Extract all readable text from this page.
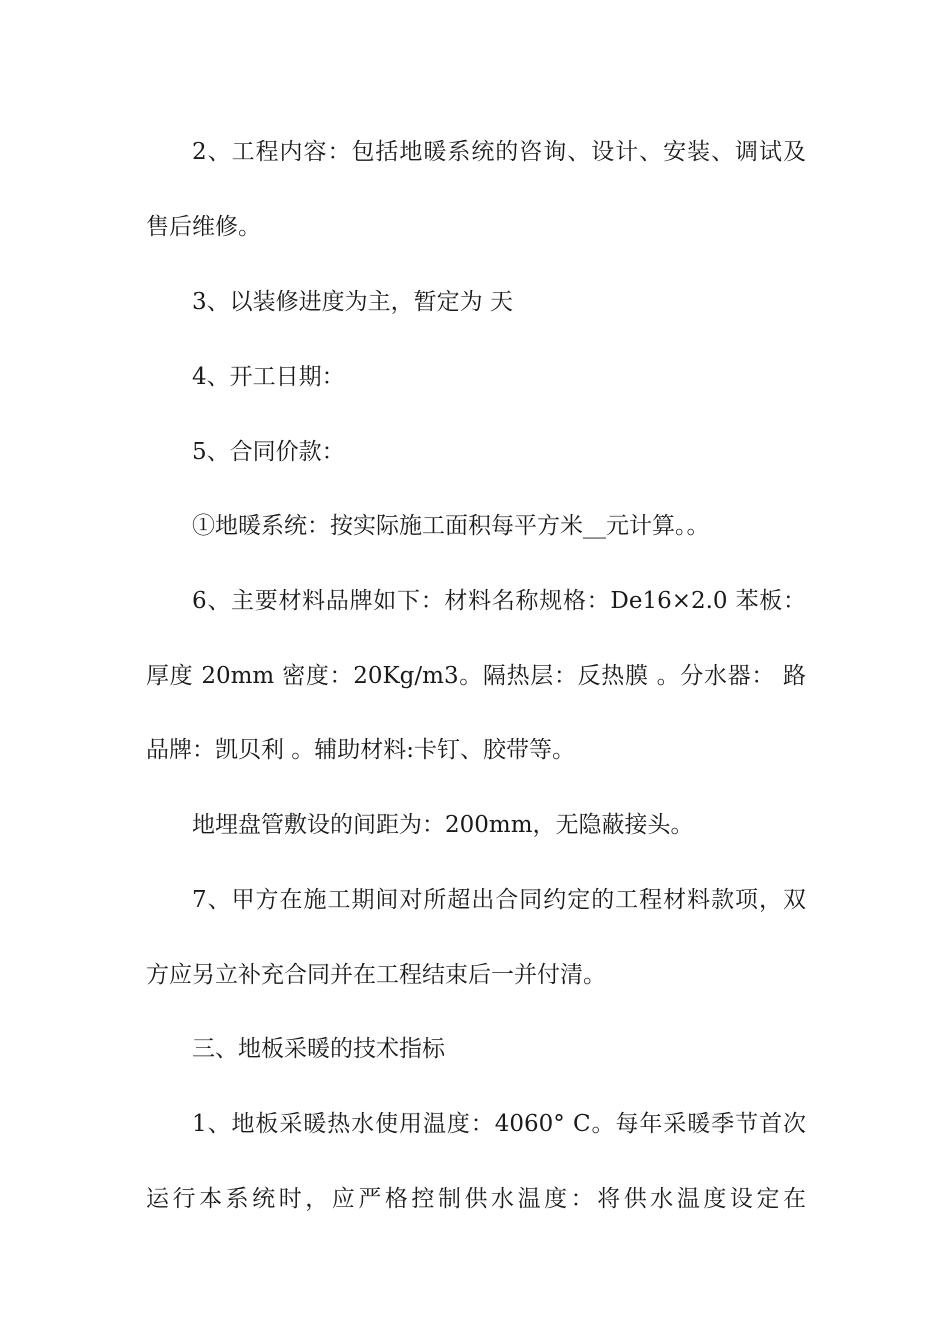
2、工程内容：包括地暖系统的咨询、设计、安装、调试及

售后维修。

3、以装修进度为主，暂定为 天

4、开工日期：

5、合同价款：

①地暖系统：按实际施工面积每平方米__元计算。。

6、主要材料品牌如下：材料名称规格：De16×2.0 苯板：

厚度 20mm 密度：20Kg/m3。隔热层：反热膜 。分水器： 路

品牌：凯贝利 。辅助材料:卡钉、胶带等。

地埋盘管敷设的间距为：200mm，无隐蔽接头。

7、甲方在施工期间对所超出合同约定的工程材料款项，双

方应另立补充合同并在工程结束后一并付清。

三、地板采暖的技术指标

1、地板采暖热水使用温度：4060° C。每年采暖季节首次

运行本系统时，应严格控制供水温度：将供水温度设定在
